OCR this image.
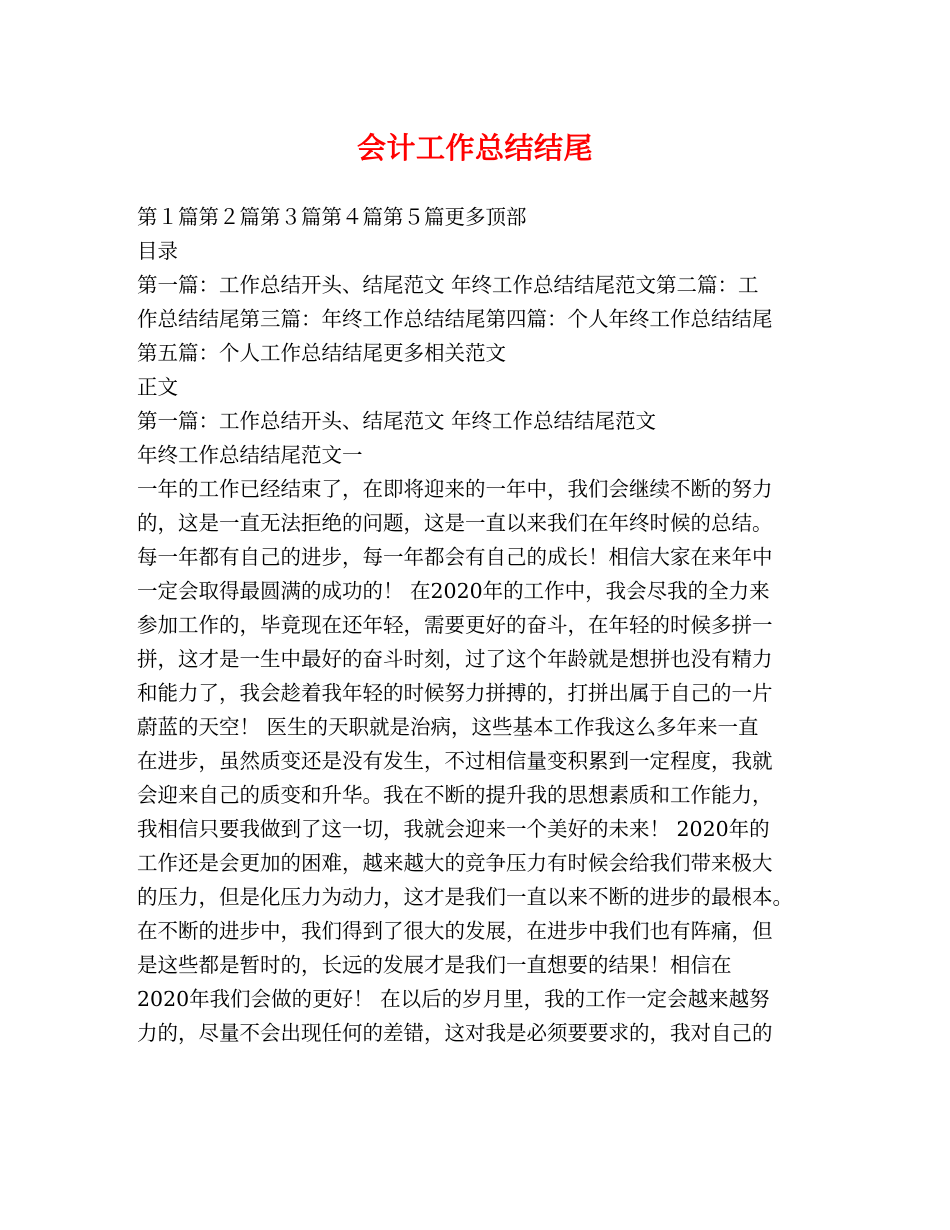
会计工作总结结尾
第１篇第２篇第３篇第４篇第５篇更多顶部
目录
第一篇：工作总结开头、结尾范文 年终工作总结结尾范文第二篇：工
作总结结尾第三篇：年终工作总结结尾第四篇：个人年终工作总结结尾
第五篇：个人工作总结结尾更多相关范文
正文
第一篇：工作总结开头、结尾范文 年终工作总结结尾范文
年终工作总结结尾范文一
一年的工作已经结束了，在即将迎来的一年中，我们会继续不断的努力
的，这是一直无法拒绝的问题，这是一直以来我们在年终时候的总结。
每一年都有自己的进步，每一年都会有自己的成长！相信大家在来年中
一定会取得最圆满的成功的！ 在2020年的工作中，我会尽我的全力来
参加工作的，毕竟现在还年轻，需要更好的奋斗，在年轻的时候多拼一
拼，这才是一生中最好的奋斗时刻，过了这个年龄就是想拼也没有精力
和能力了，我会趁着我年轻的时候努力拼搏的，打拼出属于自己的一片
蔚蓝的天空！ 医生的天职就是治病，这些基本工作我这么多年来一直
在进步，虽然质变还是没有发生，不过相信量变积累到一定程度，我就
会迎来自己的质变和升华。我在不断的提升我的思想素质和工作能力，
我相信只要我做到了这一切，我就会迎来一个美好的未来！ 2020年的
工作还是会更加的困难，越来越大的竞争压力有时候会给我们带来极大
的压力，但是化压力为动力，这才是我们一直以来不断的进步的最根本。
在不断的进步中，我们得到了很大的发展，在进步中我们也有阵痛，但
是这些都是暂时的，长远的发展才是我们一直想要的结果！相信在
2020年我们会做的更好！ 在以后的岁月里，我的工作一定会越来越努
力的，尽量不会出现任何的差错，这对我是必须要要求的，我对自己的
